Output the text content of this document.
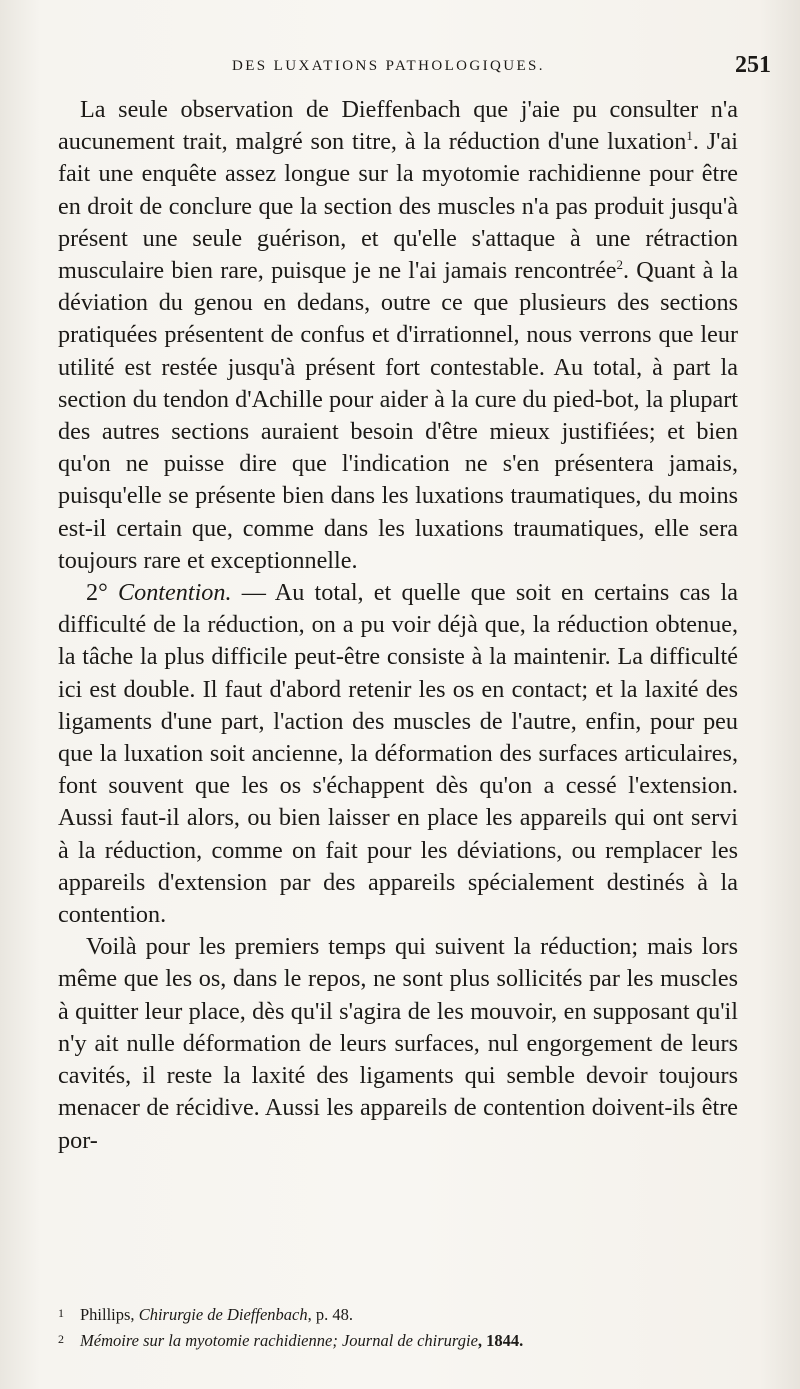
DES LUXATIONS PATHOLOGIQUES.	251

La seule observation de Dieffenbach que j'aie pu consulter n'a aucunement trait, malgré son titre, à la réduction d'une luxation$^1$. J'ai fait une enquête assez longue sur la myotomie rachidienne pour être en droit de conclure que la section des muscles n'a pas produit jusqu'à présent une seule guérison, et qu'elle s'attaque à une rétraction musculaire bien rare, puisque je ne l'ai jamais rencontrée$^2$. Quant à la déviation du genou en dedans, outre ce que plusieurs des sections pratiquées présentent de confus et d'irrationnel, nous verrons que leur utilité est restée jusqu'à présent fort contestable. Au total, à part la section du tendon d'Achille pour aider à la cure du pied-bot, la plupart des autres sections auraient besoin d'être mieux justifiées; et bien qu'on ne puisse dire que l'indication ne s'en présentera jamais, puisqu'elle se présente bien dans les luxations traumatiques, du moins est-il certain que, comme dans les luxations traumatiques, elle sera toujours rare et exceptionnelle.

2° Contention. — Au total, et quelle que soit en certains cas la difficulté de la réduction, on a pu voir déjà que, la réduction obtenue, la tâche la plus difficile peut-être consiste à la maintenir. La difficulté ici est double. Il faut d'abord retenir les os en contact; et la laxité des ligaments d'une part, l'action des muscles de l'autre, enfin, pour peu que la luxation soit ancienne, la déformation des surfaces articulaires, font souvent que les os s'échappent dès qu'on a cessé l'extension. Aussi faut-il alors, ou bien laisser en place les appareils qui ont servi à la réduction, comme on fait pour les déviations, ou remplacer les appareils d'extension par des appareils spécialement destinés à la contention.

Voilà pour les premiers temps qui suivent la réduction; mais lors même que les os, dans le repos, ne sont plus sollicités par les muscles à quitter leur place, dès qu'il s'agira de les mouvoir, en supposant qu'il n'y ait nulle déformation de leurs surfaces, nul engorgement de leurs cavités, il reste la laxité des ligaments qui semble devoir toujours menacer de récidive. Aussi les appareils de contention doivent-ils être por-

1 Phillips, Chirurgie de Dieffenbach, p. 48.
2 Mémoire sur la myotomie rachidienne; Journal de chirurgie, 1844.
